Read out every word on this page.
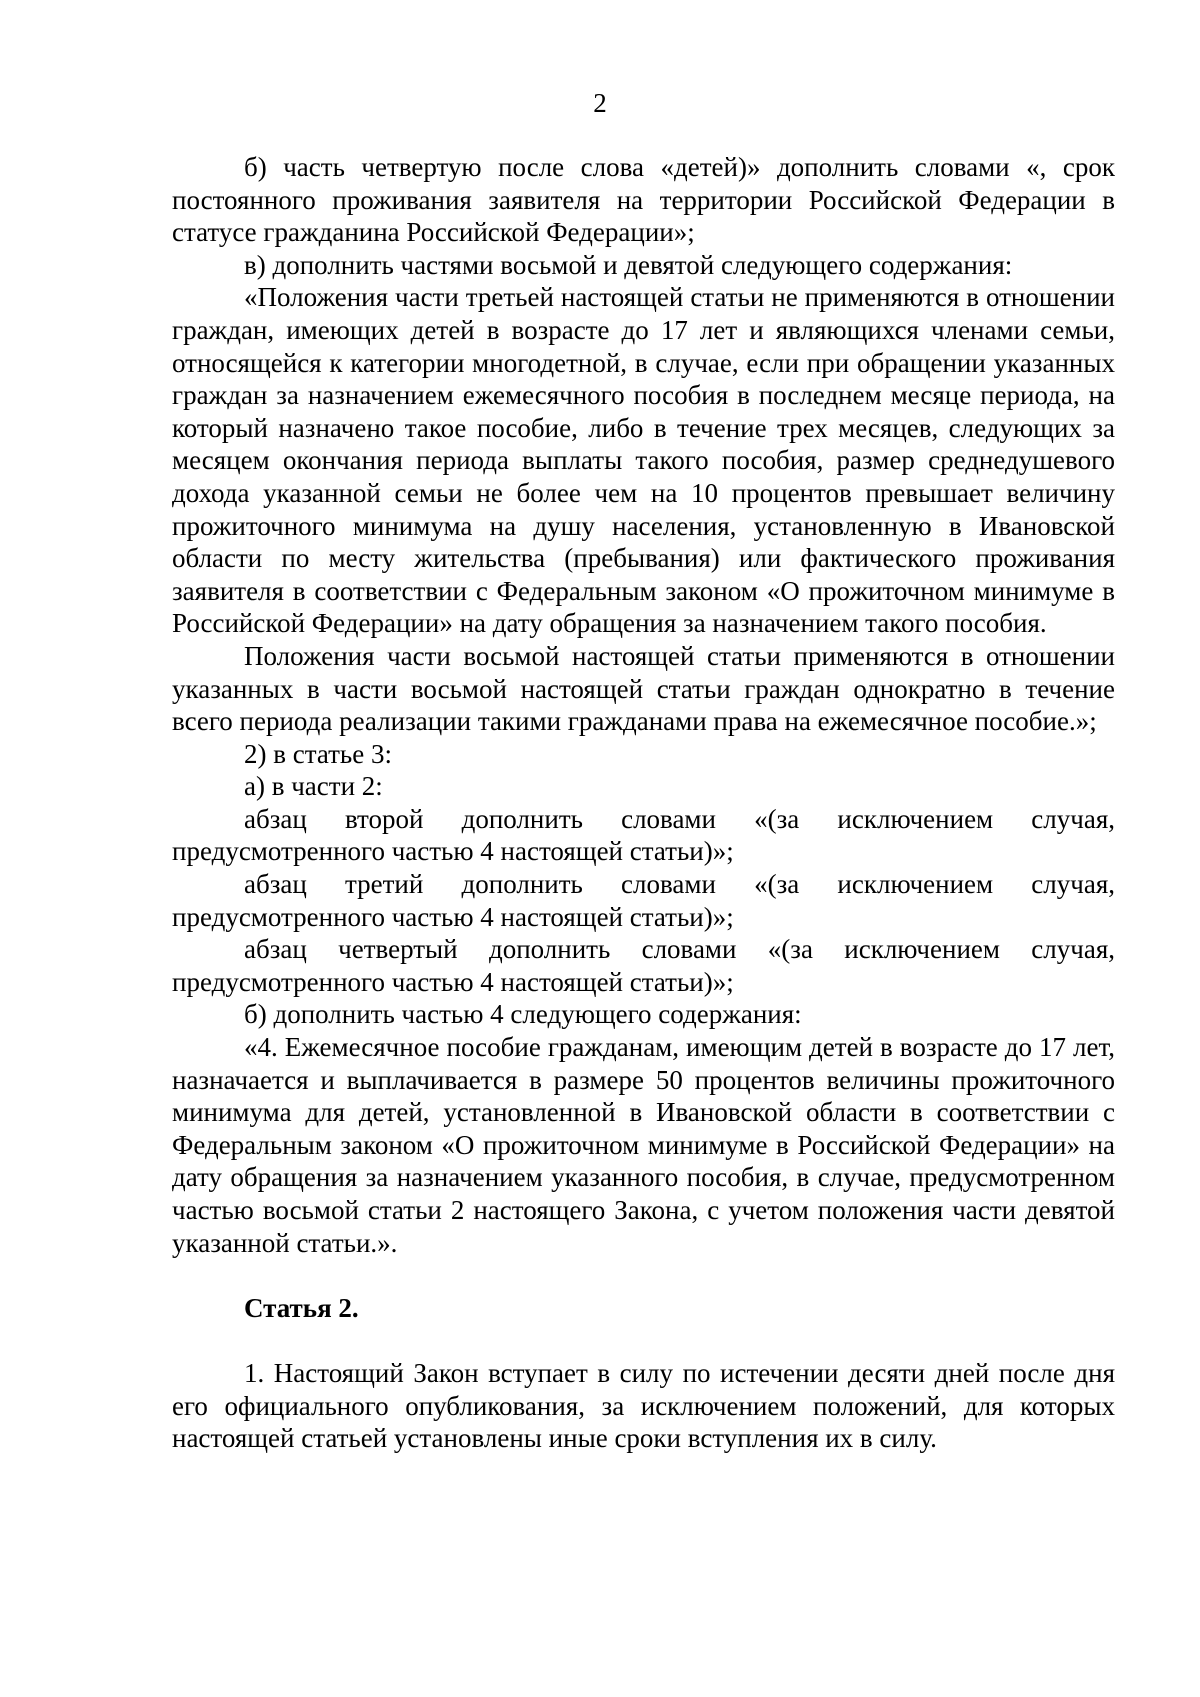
2

б) часть четвертую после слова «детей)» дополнить словами «, срок постоянного проживания заявителя на территории Российской Федерации в статусе гражданина Российской Федерации»;

в) дополнить частями восьмой и девятой следующего содержания:

«Положения части третьей настоящей статьи не применяются в отношении граждан, имеющих детей в возрасте до 17 лет и являющихся членами семьи, относящейся к категории многодетной, в случае, если при обращении указанных граждан за назначением ежемесячного пособия в последнем месяце периода, на который назначено такое пособие, либо в течение трех месяцев, следующих за месяцем окончания периода выплаты такого пособия, размер среднедушевого дохода указанной семьи не более чем на 10 процентов превышает величину прожиточного минимума на душу населения, установленную в Ивановской области по месту жительства (пребывания) или фактического проживания заявителя в соответствии с Федеральным законом «О прожиточном минимуме в Российской Федерации» на дату обращения за назначением такого пособия.

Положения части восьмой настоящей статьи применяются в отношении указанных в части восьмой настоящей статьи граждан однократно в течение всего периода реализации такими гражданами права на ежемесячное пособие.»;

2) в статье 3:

а) в части 2:

абзац второй дополнить словами «(за исключением случая, предусмотренного частью 4 настоящей статьи)»;

абзац третий дополнить словами «(за исключением случая, предусмотренного частью 4 настоящей статьи)»;

абзац четвертый дополнить словами «(за исключением случая, предусмотренного частью 4 настоящей статьи)»;

б) дополнить частью 4 следующего содержания:

«4. Ежемесячное пособие гражданам, имеющим детей в возрасте до 17 лет, назначается и выплачивается в размере 50 процентов величины прожиточного минимума для детей, установленной в Ивановской области в соответствии с Федеральным законом «О прожиточном минимуме в Российской Федерации» на дату обращения за назначением указанного пособия, в случае, предусмотренном частью восьмой статьи 2 настоящего Закона, с учетом положения части девятой указанной статьи.».

Статья 2.

1. Настоящий Закон вступает в силу по истечении десяти дней после дня его официального опубликования, за исключением положений, для которых настоящей статьей установлены иные сроки вступления их в силу.
